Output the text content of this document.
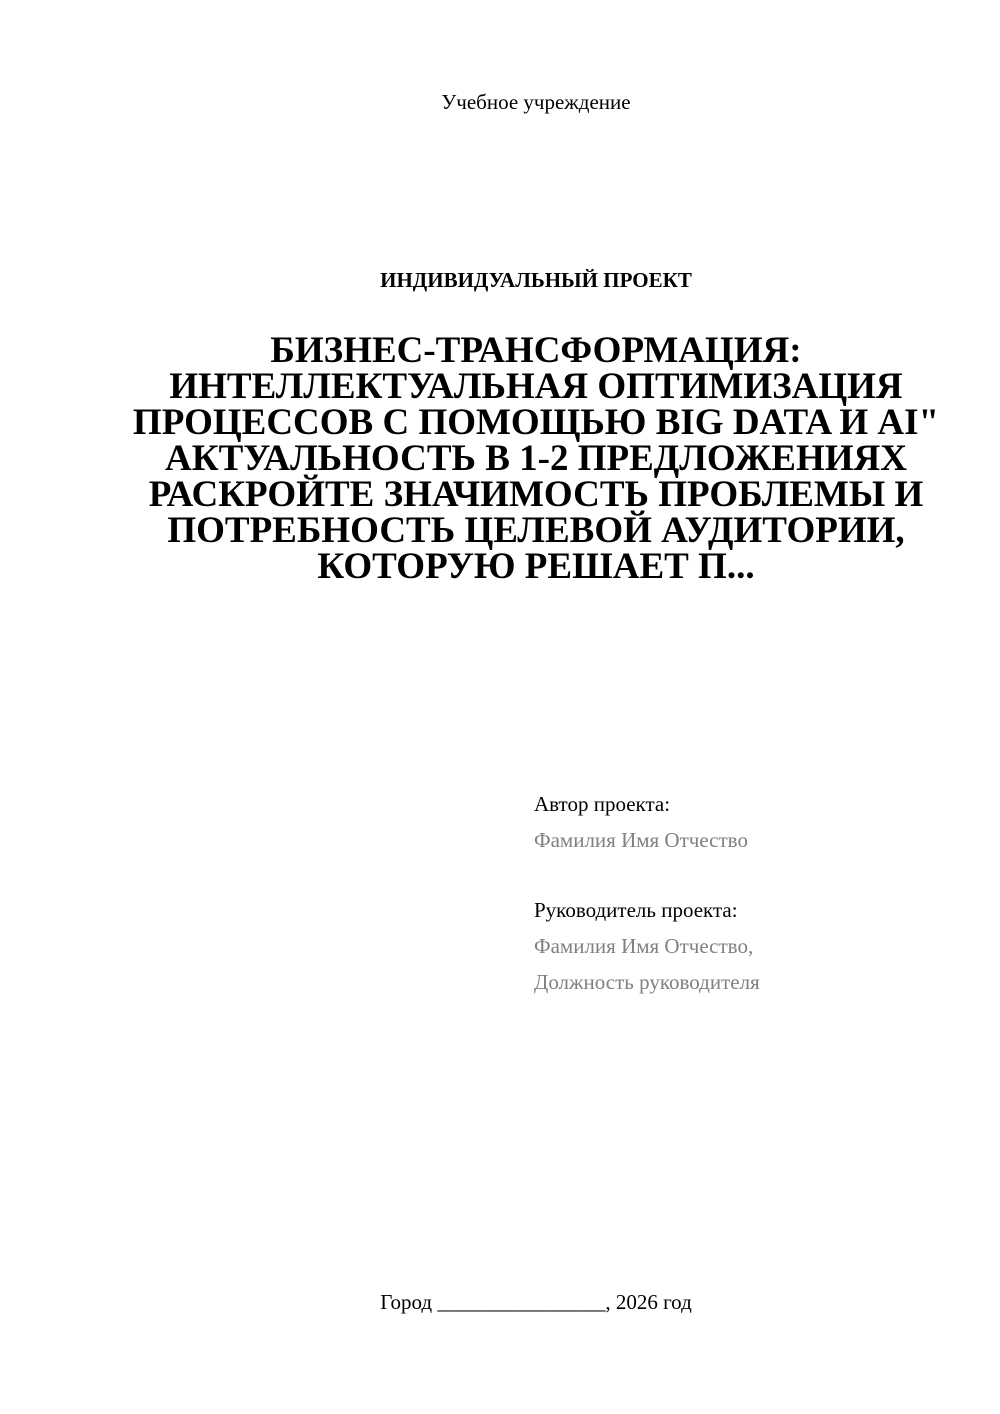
Учебное учреждение
ИНДИВИДУАЛЬНЫЙ ПРОЕКТ
БИЗНЕС-ТРАНСФОРМАЦИЯ: ИНТЕЛЛЕКТУАЛЬНАЯ ОПТИМИЗАЦИЯ ПРОЦЕССОВ С ПОМОЩЬЮ BIG DATA И AI" АКТУАЛЬНОСТЬ В 1-2 ПРЕДЛОЖЕНИЯХ РАСКРОЙТЕ ЗНАЧИМОСТЬ ПРОБЛЕМЫ И ПОТРЕБНОСТЬ ЦЕЛЕВОЙ АУДИТОРИИ, КОТОРУЮ РЕШАЕТ П...
Автор проекта:
Фамилия Имя Отчество
Руководитель проекта:
Фамилия Имя Отчество,
Должность руководителя
Город ________________, 2026 год
